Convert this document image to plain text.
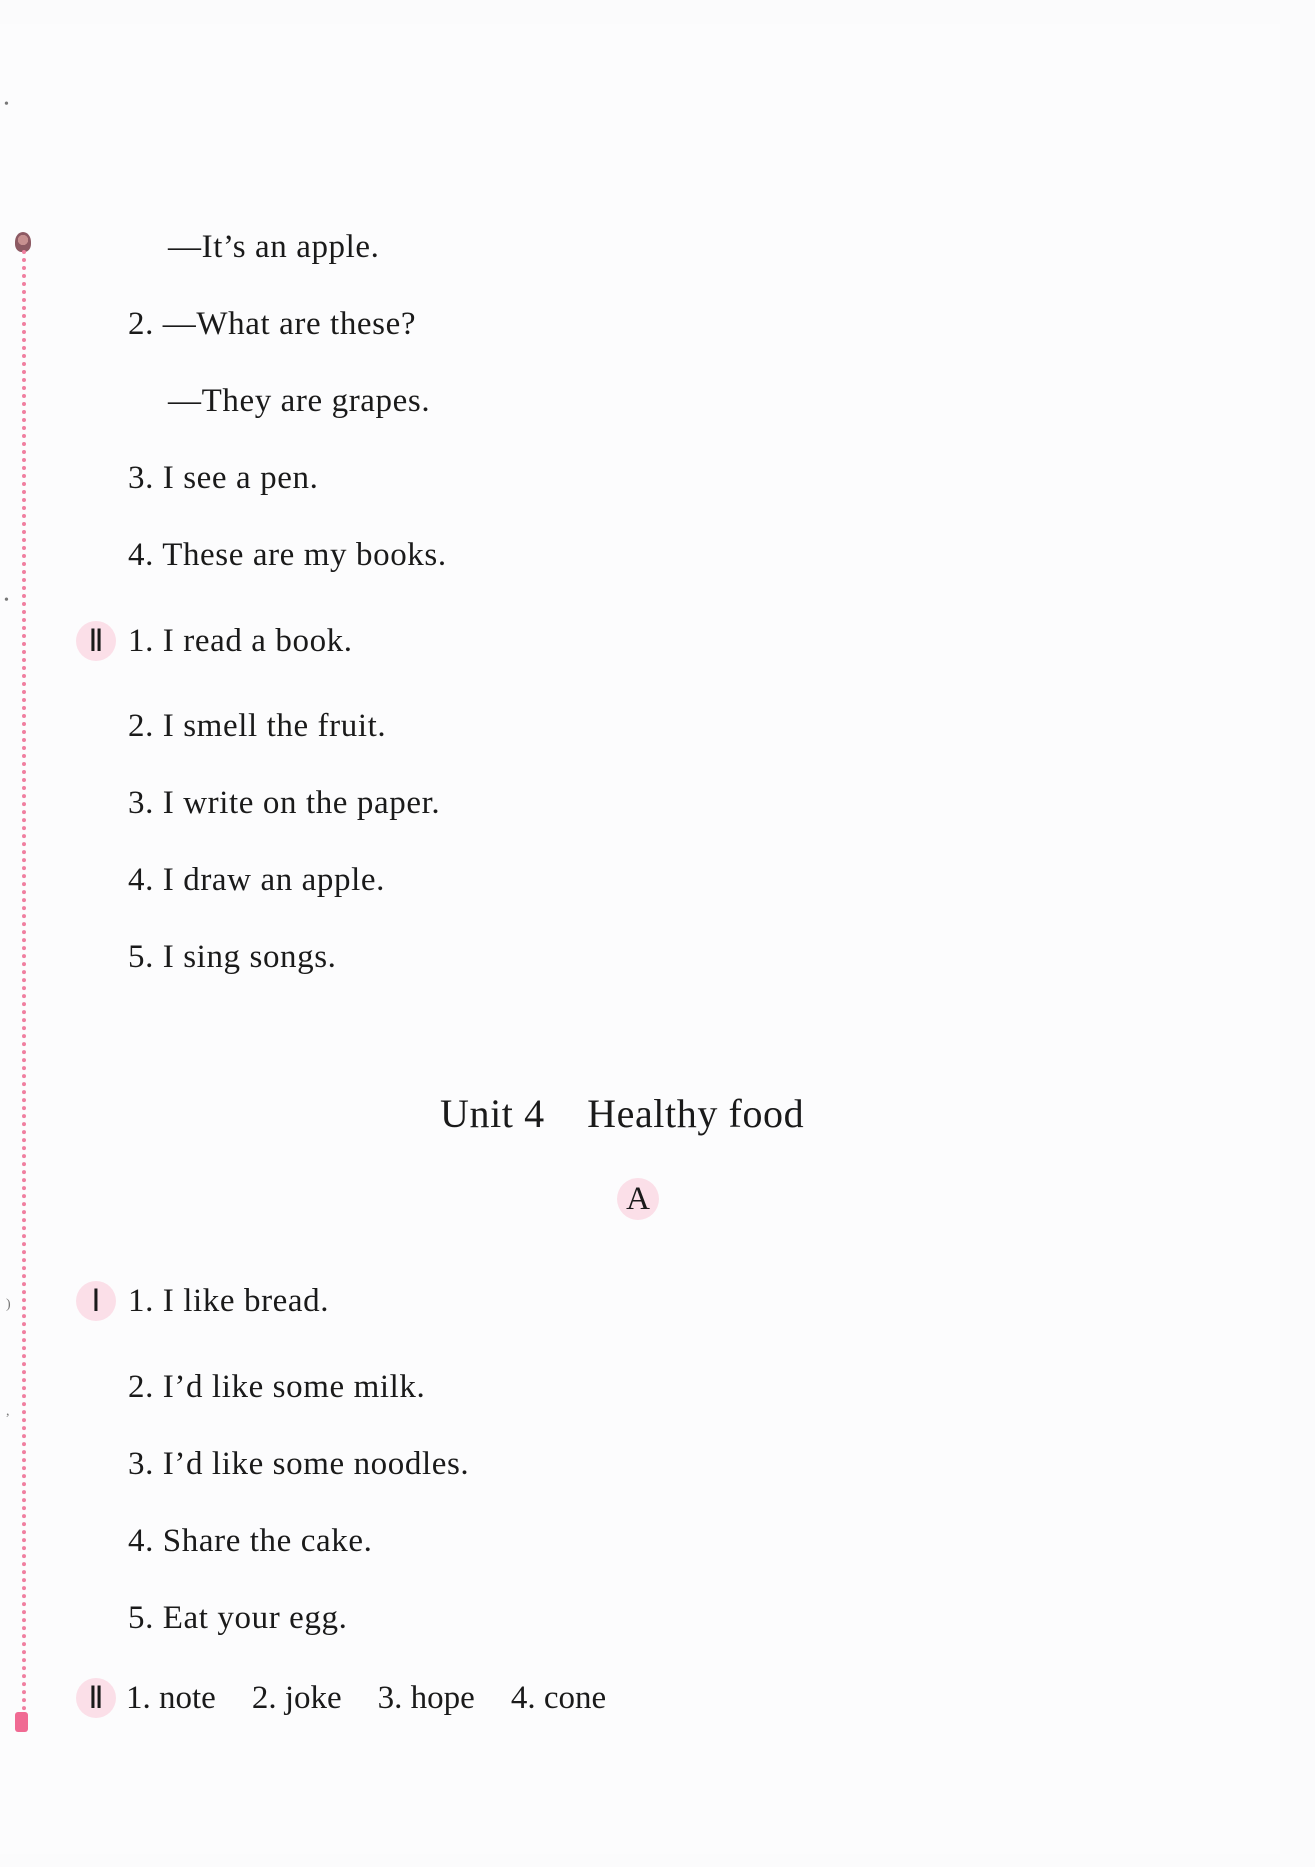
•
•
)
,
—It’s an apple.
2. —What are these?
—They are grapes.
3. I see a pen.
4. These are my books.
Ⅱ 1. I read a book.
2. I smell the fruit.
3. I write on the paper.
4. I draw an apple.
5. I sing songs.
Unit 4    Healthy food
A
Ⅰ 1. I like bread.
2. I’d like some milk.
3. I’d like some noodles.
4. Share the cake.
5. Eat your egg.
Ⅱ 1. note 2. joke 3. hope 4. cone
